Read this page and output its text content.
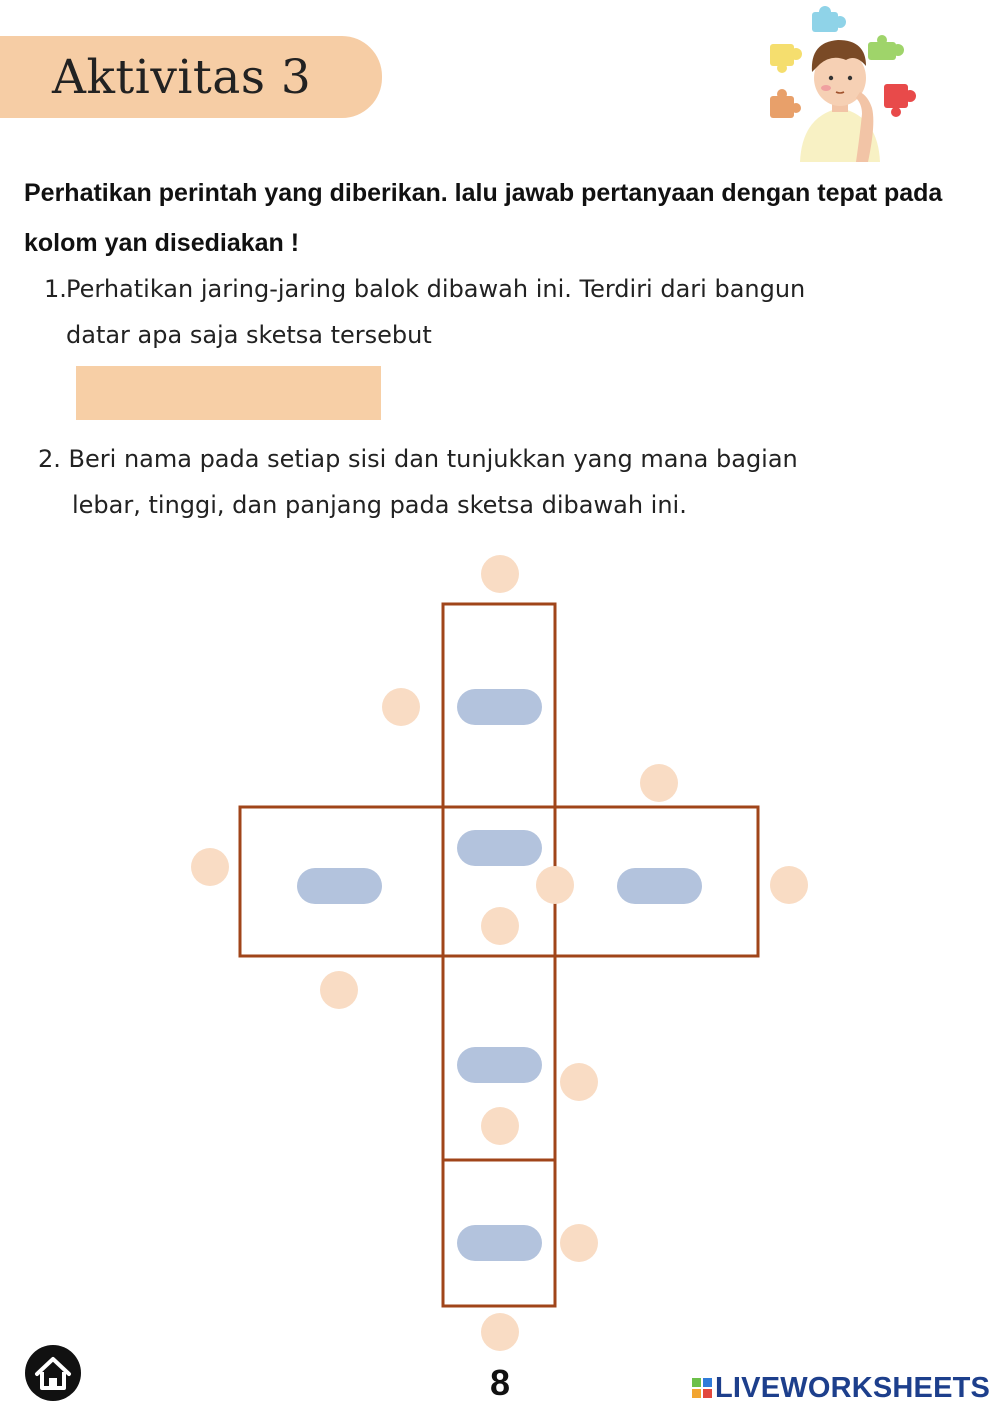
Aktivitas 3
Perhatikan perintah yang diberikan. lalu jawab pertanyaan dengan tepat pada kolom yan disediakan !
1. Perhatikan jaring-jaring balok dibawah ini. Terdiri dari bangun
datar apa saja sketsa tersebut
2. Beri nama pada setiap sisi dan tunjukkan yang mana bagian
lebar, tinggi, dan panjang pada sketsa dibawah ini.
8	LIVEWORKSHEETS
